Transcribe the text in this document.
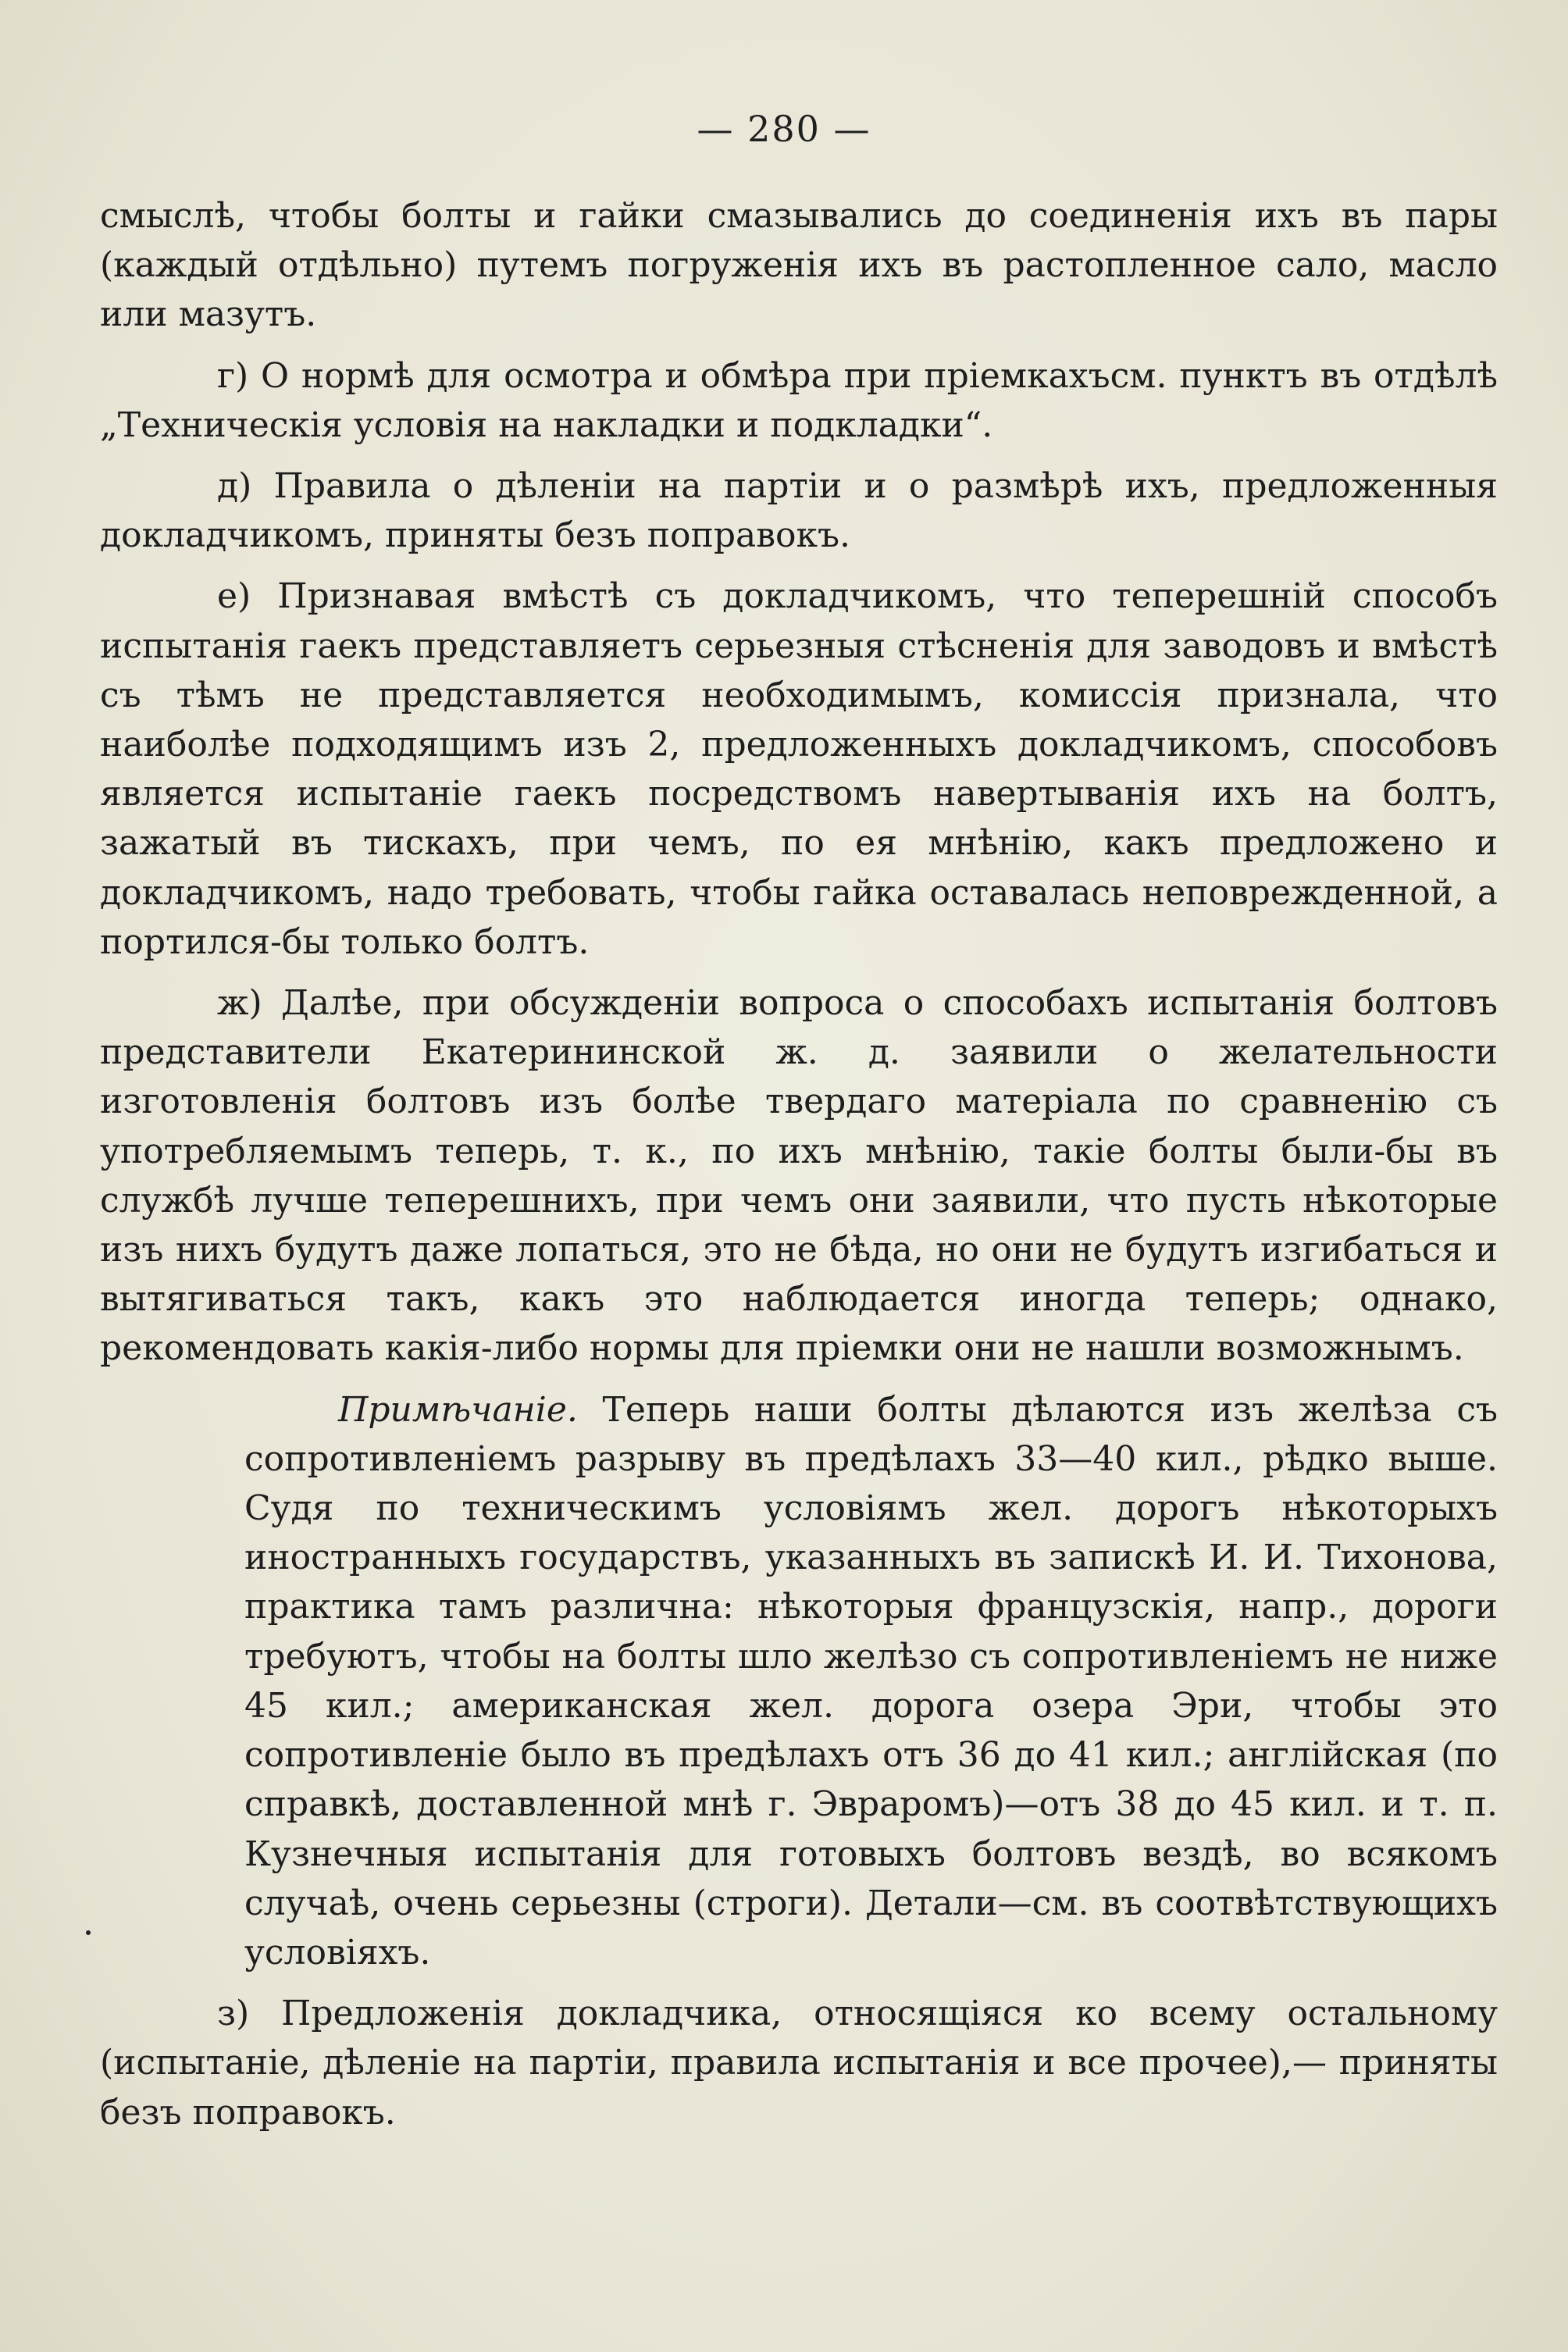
— 280 —

смыслѣ, чтобы болты и гайки смазывались до соединенія ихъ въ пары (каждый отдѣльно) путемъ погруженія ихъ въ растопленное сало, масло или мазутъ.

г) О нормѣ для осмотра и обмѣра при пріемкахъсм. пунктъ въ отдѣлѣ „Техническія условія на накладки и подкладки“.

д) Правила о дѣленіи на партіи и о размѣрѣ ихъ, предложенныя докладчикомъ, приняты безъ поправокъ.

е) Признавая вмѣстѣ съ докладчикомъ, что теперешній способъ испытанія гаекъ представляетъ серьезныя стѣсненія для заводовъ и вмѣстѣ съ тѣмъ не представляется необходимымъ, комиссія признала, что наиболѣе подходящимъ изъ 2, предложенныхъ докладчикомъ, способовъ является испытаніе гаекъ посредствомъ навертыванія ихъ на болтъ, зажатый въ тискахъ, при чемъ, по ея мнѣнію, какъ предложено и докладчикомъ, надо требовать, чтобы гайка оставалась неповрежденной, а портился-бы только болтъ.

ж) Далѣе, при обсужденіи вопроса о способахъ испытанія болтовъ представители Екатерининской ж. д. заявили о желательности изготовленія болтовъ изъ болѣе твердаго матеріала по сравненію съ употребляемымъ теперь, т. к., по ихъ мнѣнію, такіе болты были-бы въ службѣ лучше теперешнихъ, при чемъ они заявили, что пусть нѣкоторые изъ нихъ будутъ даже лопаться, это не бѣда, но они не будутъ изгибаться и вытягиваться такъ, какъ это наблюдается иногда теперь; однако, рекомендовать какія-либо нормы для пріемки они не нашли возможнымъ.

Примѣчаніе. Теперь наши болты дѣлаются изъ желѣза съ сопротивленіемъ разрыву въ предѣлахъ 33—40 кил., рѣдко выше. Судя по техническимъ условіямъ жел. дорогъ нѣкоторыхъ иностранныхъ государствъ, указанныхъ въ запискѣ И. И. Тихонова, практика тамъ различна: нѣкоторыя французскія, напр., дороги требуютъ, чтобы на болты шло желѣзо съ сопротивленіемъ не ниже 45 кил.; американская жел. дорога озера Эри, чтобы это сопротивленіе было въ предѣлахъ отъ 36 до 41 кил.; англійская (по справкѣ, доставленной мнѣ г. Эвраромъ)—отъ 38 до 45 кил. и т. п. Кузнечныя испытанія для готовыхъ болтовъ вездѣ, во всякомъ случаѣ, очень серьезны (строги). Детали—см. въ соотвѣтствующихъ условіяхъ.

з) Предложенія докладчика, относящіяся ко всему остальному (испытаніе, дѣленіе на партіи, правила испытанія и все прочее),— приняты безъ поправокъ.
